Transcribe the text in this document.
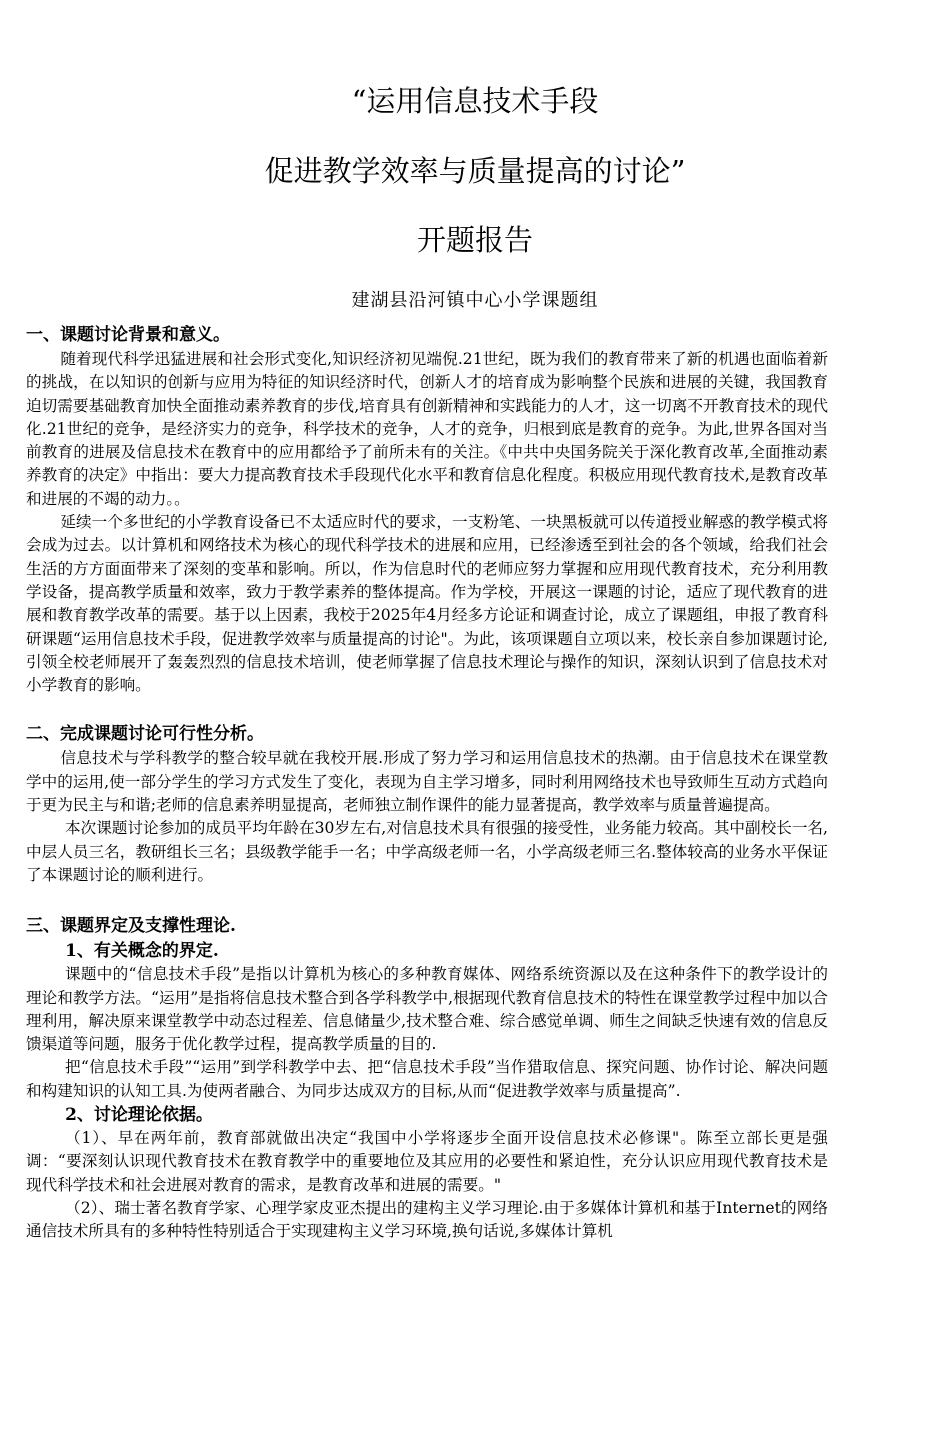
“运用信息技术手段
促进教学效率与质量提高的讨论”
开题报告
建湖县沿河镇中心小学课题组

一、课题讨论背景和意义。

随着现代科学迅猛进展和社会形式变化,知识经济初见端倪.21世纪，既为我们的教育带来了新的机遇也面临着新的挑战，在以知识的创新与应用为特征的知识经济时代，创新人才的培育成为影响整个民族和进展的关键，我国教育迫切需要基础教育加快全面推动素养教育的步伐,培育具有创新精神和实践能力的人才，这一切离不开教育技术的现代化.21世纪的竞争，是经济实力的竞争，科学技术的竞争，人才的竞争，归根到底是教育的竞争。为此,世界各国对当前教育的进展及信息技术在教育中的应用都给予了前所未有的关注。《中共中央国务院关于深化教育改革,全面推动素养教育的决定》中指出：要大力提高教育技术手段现代化水平和教育信息化程度。积极应用现代教育技术,是教育改革和进展的不竭的动力。。

延续一个多世纪的小学教育设备已不太适应时代的要求，一支粉笔、一块黑板就可以传道授业解惑的教学模式将会成为过去。以计算机和网络技术为核心的现代科学技术的进展和应用，已经渗透至到社会的各个领域，给我们社会生活的方方面面带来了深刻的变革和影响。所以，作为信息时代的老师应努力掌握和应用现代教育技术，充分利用教学设备，提高教学质量和效率，致力于教学素养的整体提高。作为学校，开展这一课题的讨论，适应了现代教育的进展和教育教学改革的需要。基于以上因素，我校于2025年4月经多方论证和调查讨论，成立了课题组，申报了教育科研课题“运用信息技术手段，促进教学效率与质量提高的讨论"。为此，该项课题自立项以来，校长亲自参加课题讨论,引领全校老师展开了轰轰烈烈的信息技术培训，使老师掌握了信息技术理论与操作的知识，深刻认识到了信息技术对小学教育的影响。

二、完成课题讨论可行性分析。

信息技术与学科教学的整合较早就在我校开展.形成了努力学习和运用信息技术的热潮。由于信息技术在课堂教学中的运用,使一部分学生的学习方式发生了变化，表现为自主学习增多，同时利用网络技术也导致师生互动方式趋向于更为民主与和谐;老师的信息素养明显提高，老师独立制作课件的能力显著提高，教学效率与质量普遍提高。

本次课题讨论参加的成员平均年龄在30岁左右,对信息技术具有很强的接受性，业务能力较高。其中副校长一名,中层人员三名，教研组长三名；县级教学能手一名；中学高级老师一名，小学高级老师三名.整体较高的业务水平保证了本课题讨论的顺利进行。

三、课题界定及支撑性理论.

1、有关概念的界定.

课题中的“信息技术手段”是指以计算机为核心的多种教育媒体、网络系统资源以及在这种条件下的教学设计的理论和教学方法。“运用”是指将信息技术整合到各学科教学中,根据现代教育信息技术的特性在课堂教学过程中加以合理利用，解决原来课堂教学中动态过程差、信息储量少,技术整合难、综合感觉单调、师生之间缺乏快速有效的信息反馈渠道等问题，服务于优化教学过程，提高教学质量的目的.

把“信息技术手段”“运用”到学科教学中去、把“信息技术手段”当作猎取信息、探究问题、协作讨论、解决问题和构建知识的认知工具.为使两者融合、为同步达成双方的目标,从而“促进教学效率与质量提高”.

2、讨论理论依据。

（1）、早在两年前，教育部就做出决定“我国中小学将逐步全面开设信息技术必修课"。陈至立部长更是强调：“要深刻认识现代教育技术在教育教学中的重要地位及其应用的必要性和紧迫性，充分认识应用现代教育技术是现代科学技术和社会进展对教育的需求，是教育改革和进展的需要。"

（2）、瑞士著名教育学家、心理学家皮亚杰提出的建构主义学习理论.由于多媒体计算机和基于Internet的网络通信技术所具有的多种特性特别适合于实现建构主义学习环境,换句话说,多媒体计算机
